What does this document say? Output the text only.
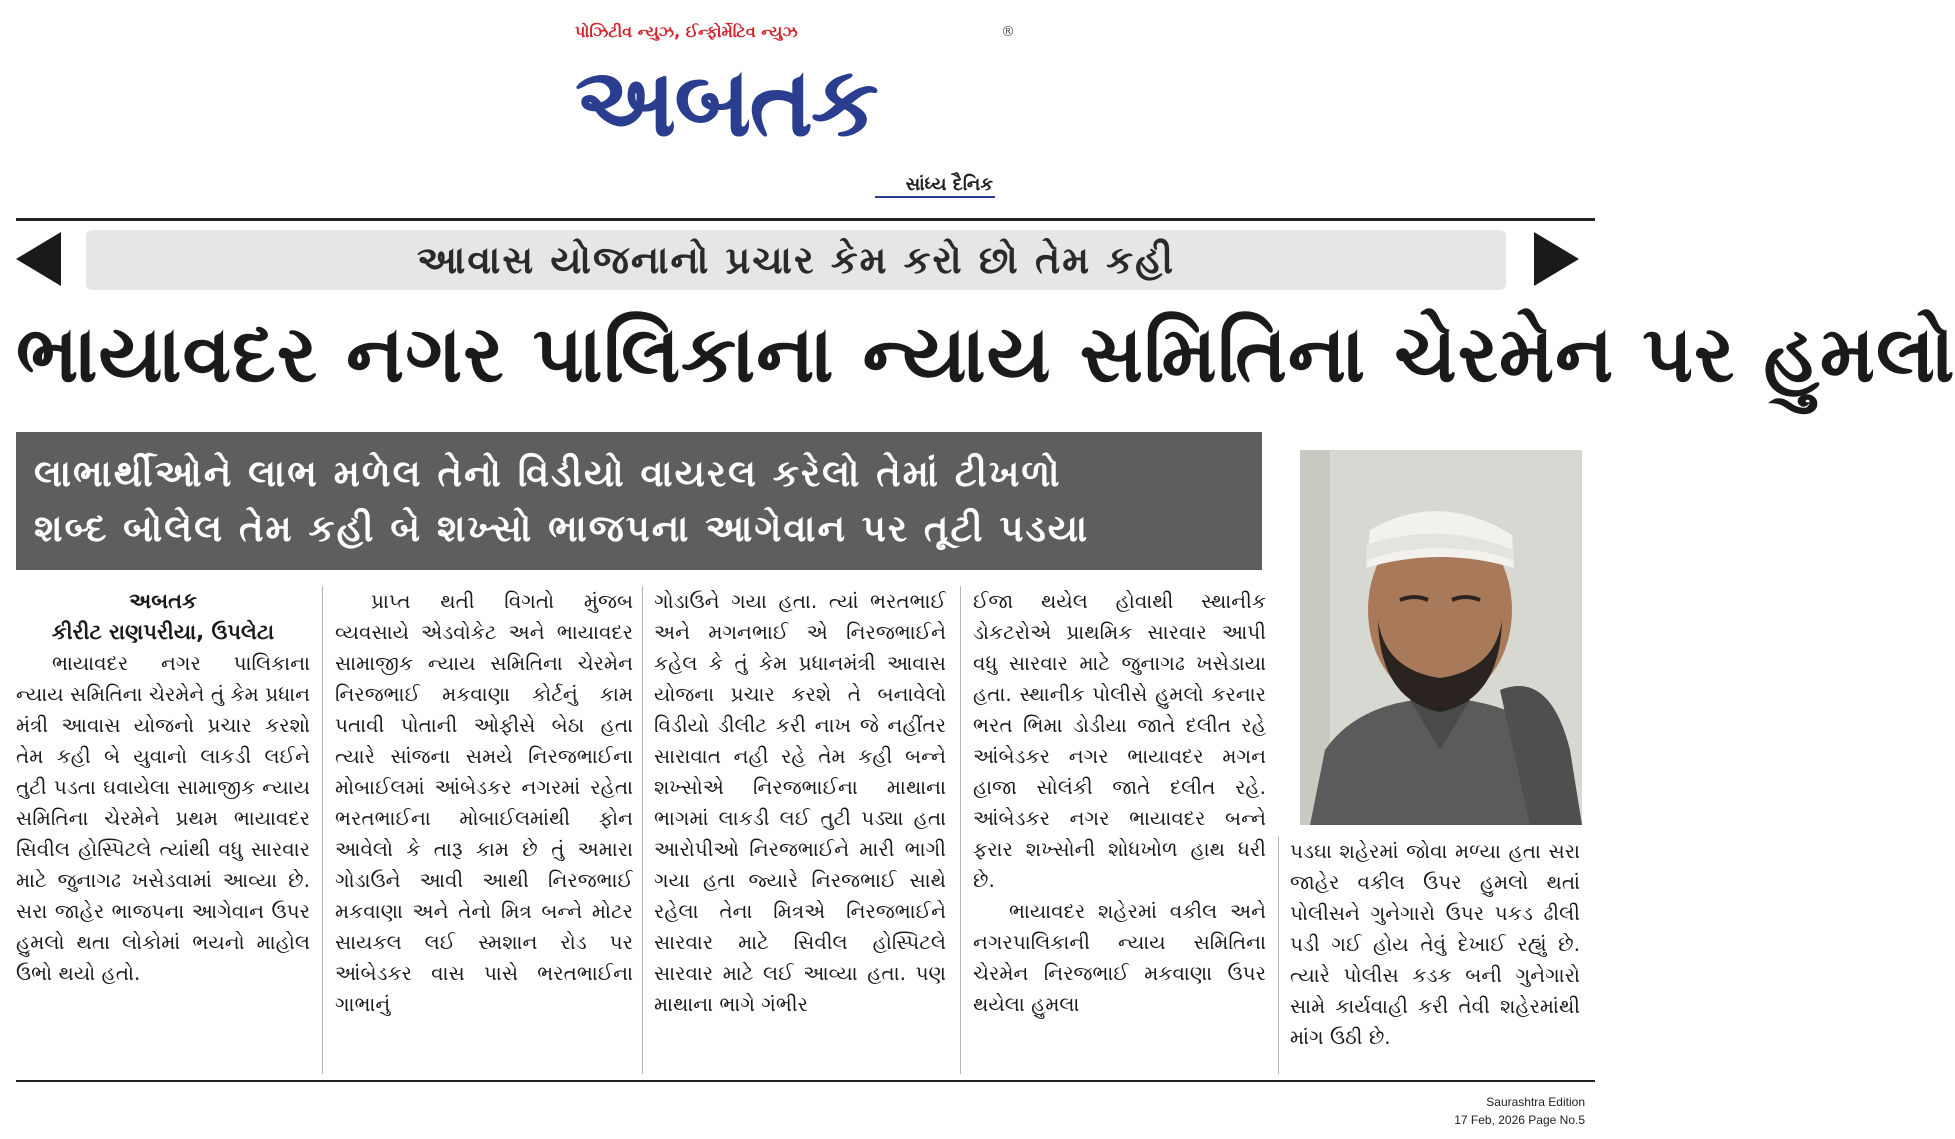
પોઝિટીવ ન્યુઝ, ઈન્ફોર્મેટિવ ન્યુઝ
અબતક
®
સાંધ્ય દૈનિક
આવાસ યોજનાનો પ્રચાર કેમ કરો છો તેમ કહી
ભાયાવદર નગર પાલિકાના ન્યાય સમિતિના ચેરમેન પર હુમલો
લાભાર્થીઓને લાભ મળેલ તેનો વિડીયો વાયરલ કરેલો તેમાં ટીખળો
શબ્દ બોલેલ તેમ કહી બે શખ્સો ભાજપના આગેવાન પર તૂટી પડયા
અબતક
કીરીટ રાણપરીયા, ઉપલેટા

ભાયાવદર નગર પાલિકાના ન્યાય સમિતિના ચેરમેને તું કેમ પ્રધાન મંત્રી આવાસ યોજનો પ્રચાર કરશો તેમ કહી બે યુવાનો લાકડી લઈને તુટી પડતા ઘવાયેલા સામાજીક ન્યાય સમિતિના ચેરમેને પ્રથમ ભાયાવદર સિવીલ હોસ્પિટલે ત્યાંથી વધુ સારવાર માટે જુનાગઢ ખસેડવામાં આવ્યા છે. સરા જાહેર ભાજપના આગેવાન ઉપર હુમલો થતા લોકોમાં ભયનો માહોલ ઉભો થયો હતો.

પ્રાપ્ત થતી વિગતો મુંજબ વ્યવસાયે એડવોકેટ અને ભાયાવદર સામાજીક ન્યાય સમિતિના ચેરમેન નિરજભાઈ મકવાણા કોર્ટનું કામ પતાવી પોતાની ઓફીસે બેઠા હતા ત્યારે સાંજના સમયે નિરજભાઈના મોબાઈલમાં આંબેડકર નગરમાં રહેતા ભરતભાઈના મોબાઈલમાંથી ફોન આવેલો કે તારૂ કામ છે તું અમારા ગોડાઉને આવી આથી નિરજભાઈ મકવાણા અને તેનો મિત્ર બન્ને મોટર સાયકલ લઈ સ્મશાન રોડ પર આંબેડકર વાસ પાસે ભરતભાઈના ગાભાનું

ગોડાઉને ગયા હતા. ત્યાં ભરતભાઈ અને મગનભાઈ એ નિરજભાઈને કહેલ કે તું કેમ પ્રધાનમંત્રી આવાસ યોજના પ્રચાર કરશે તે બનાવેલો વિડીયો ડીલીટ કરી નાખ જે નહીંતર સારાવાત નહી રહે તેમ કહી બન્ને શખ્સોએ નિરજભાઈના માથાના ભાગમાં લાકડી લઈ તુટી પડ્યા હતા આરોપીઓ નિરજભાઈને મારી ભાગી ગયા હતા જ્યારે નિરજભાઈ સાથે રહેલા તેના મિત્રએ નિરજભાઈને સારવાર માટે સિવીલ હોસ્પિટલે સારવાર માટે લઈ આવ્યા હતા. પણ માથાના ભાગે ગંભીર

ઈજા થયેલ હોવાથી સ્થાનીક ડોકટરોએ પ્રાથમિક સારવાર આપી વધુ સારવાર માટે જુનાગઢ ખસેડાયા હતા. સ્થાનીક પોલીસે હુમલો કરનાર ભરત ભિમા ડોડીયા જાતે દલીત રહે આંબેડકર નગર ભાયાવદર મગન હાજા સોલંકી જાતે દલીત રહે. આંબેડકર નગર ભાયાવદર બન્ને ફરાર શખ્સોની શોધખોળ હાથ ધરી છે.

ભાયાવદર શહેરમાં વકીલ અને નગરપાલિકાની ન્યાય સમિતિના ચેરમેન નિરજભાઈ મકવાણા ઉપર થયેલા હુમલા

પડઘા શહેરમાં જોવા મળ્યા હતા સરા જાહેર વકીલ ઉપર હુમલો થતાં પોલીસને ગુનેગારો ઉપર પકડ ઢીલી પડી ગઈ હોય તેવું દેખાઈ રહ્યું છે. ત્યારે પોલીસ કડક બની ગુનેગારો સામે કાર્યવાહી કરી તેવી શહેરમાંથી માંગ ઉઠી છે.

Saurashtra Edition
17 Feb, 2026 Page No.5
